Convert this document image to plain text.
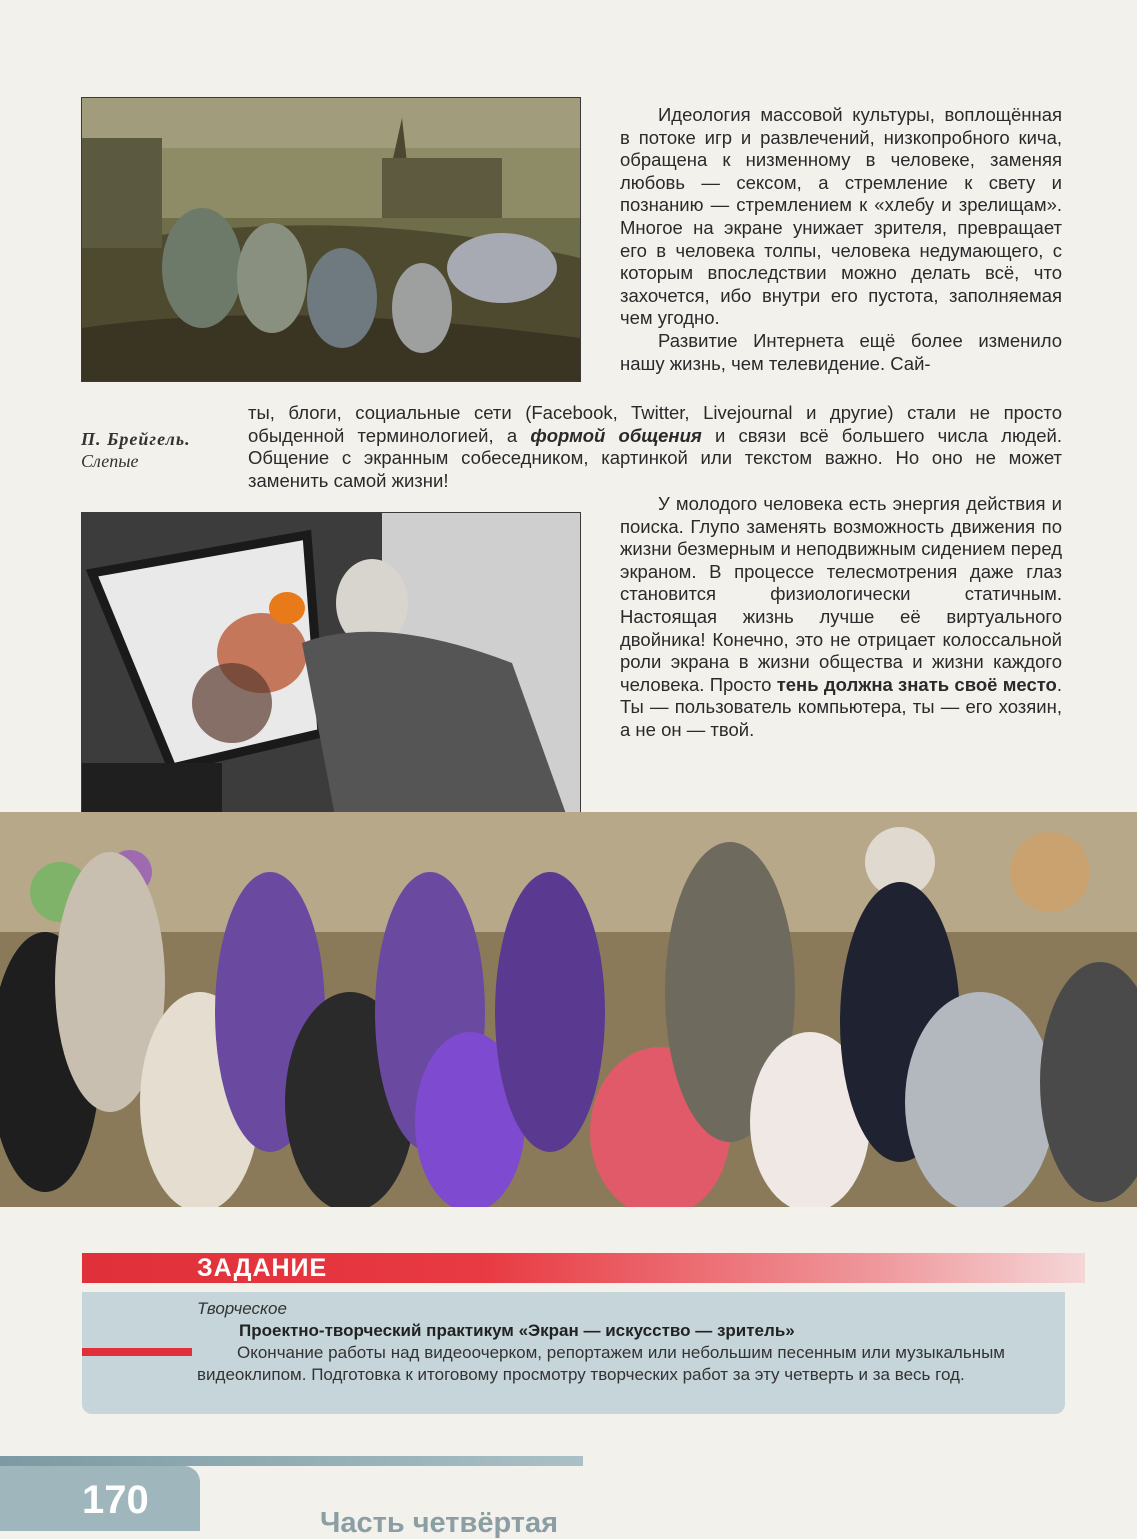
П. Брейгель.
Слепые

Идеология массовой культуры, воплощённая в потоке игр и развлечений, низкопробного кича, обращена к низменному в человеке, заменяя любовь — сексом, а стремление к свету и познанию — стремлением к «хлебу и зрелищам». Многое на экране унижает зрителя, превращает его в человека толпы, человека недумающего, с которым впоследствии можно делать всё, что захочется, ибо внутри его пустота, заполняемая чем угодно.

Развитие Интернета ещё более изменило нашу жизнь, чем телевидение. Сай-

ты, блоги, социальные сети (Facebook, Twitter, Livejournal и другие) стали не просто обыденной терминологией, а формой общения и связи всё большего числа людей. Общение с экранным собеседником, картинкой или текстом важно. Но оно не может заменить самой жизни!

У молодого человека есть энергия действия и поиска. Глупо заменять возможность движения по жизни безмерным и неподвижным сидением перед экраном. В процессе телесмотрения даже глаз становится физиологически статичным. Настоящая жизнь лучше её виртуального двойника! Конечно, это не отрицает колоссальной роли экрана в жизни общества и жизни каждого человека. Просто тень должна знать своё место. Ты — пользователь компьютера, ты — его хозяин, а не он — твой.

ЗАДАНИЕ
Творческое
Проектно-творческий практикум «Экран — искусство — зритель»
Окончание работы над видеоочерком, репортажем или небольшим песенным или музыкальным видеоклипом. Подготовка к итоговому просмотру творческих работ за эту четверть и за весь год.
170
Часть четвёртая
